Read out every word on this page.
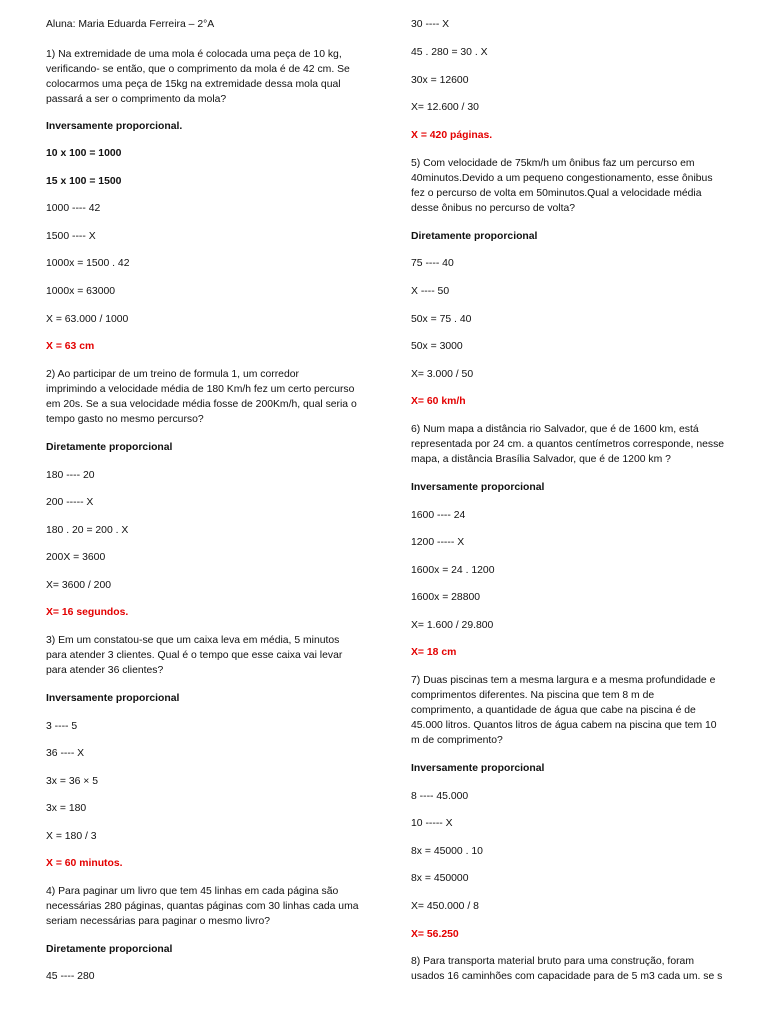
Aluna: Maria Eduarda Ferreira – 2°A

1) Na extremidade de uma mola é colocada uma peça de 10 kg,

verificando- se então, que o comprimento da mola é de 42 cm. Se

colocarmos uma peça de 15kg na extremidade dessa mola qual

passará a ser o comprimento da mola?

Inversamente proporcional.

10 x 100 = 1000

15 x 100 = 1500

1000 ---- 42

1500 ---- X

1000x = 1500 . 42

1000x = 63000

X = 63.000 / 1000

X = 63 cm

2) Ao participar de um treino de formula 1, um corredor

imprimindo a velocidade média de 180 Km/h fez um certo percurso

em 20s. Se a sua velocidade média fosse de 200Km/h, qual seria o

tempo gasto no mesmo percurso?

Diretamente proporcional

180 ---- 20

200 ----- X

180 . 20 = 200 . X

200X = 3600

X= 3600 / 200

X= 16 segundos.

3) Em um constatou-se que um caixa leva em média, 5 minutos

para atender 3 clientes. Qual é o tempo que esse caixa vai levar

para atender 36 clientes?

Inversamente proporcional

3 ---- 5

36 ---- X

3x = 36 × 5

3x = 180

X = 180 / 3

X = 60 minutos.

4) Para paginar um livro que tem 45 linhas em cada página são

necessárias 280 páginas, quantas páginas com 30 linhas cada uma

seriam necessárias para paginar o mesmo livro?

Diretamente proporcional

45 ---- 280

30 ---- X

45 . 280 = 30 . X

30x = 12600

X= 12.600 / 30

X = 420 páginas.

5) Com velocidade de 75km/h um ônibus faz um percurso em

40minutos.Devido a um pequeno congestionamento, esse ônibus

fez o percurso de volta em 50minutos.Qual a velocidade média

desse ônibus no percurso de volta?

Diretamente proporcional

75 ---- 40

X ---- 50

50x = 75 . 40

50x = 3000

X= 3.000 / 50

X= 60 km/h

6) Num mapa a distância rio Salvador, que é de 1600 km, está

representada por 24 cm. a quantos centímetros corresponde, nesse

mapa, a distância Brasília Salvador, que é de 1200 km ?

Inversamente proporcional

1600 ---- 24

1200 ----- X

1600x = 24 . 1200

1600x = 28800

X= 1.600 / 29.800

X= 18 cm

7) Duas piscinas tem a mesma largura e a mesma profundidade e

comprimentos diferentes. Na piscina que tem 8 m de

comprimento, a quantidade de água que cabe na piscina é de

45.000 litros. Quantos litros de água cabem na piscina que tem 10

m de comprimento?

Inversamente proporcional

8 ---- 45.000

10 ----- X

8x = 45000 . 10

8x = 450000

X= 450.000 / 8

X= 56.250

8) Para transporta material bruto para uma construção, foram

usados 16 caminhões com capacidade para de 5 m3 cada um. se s
